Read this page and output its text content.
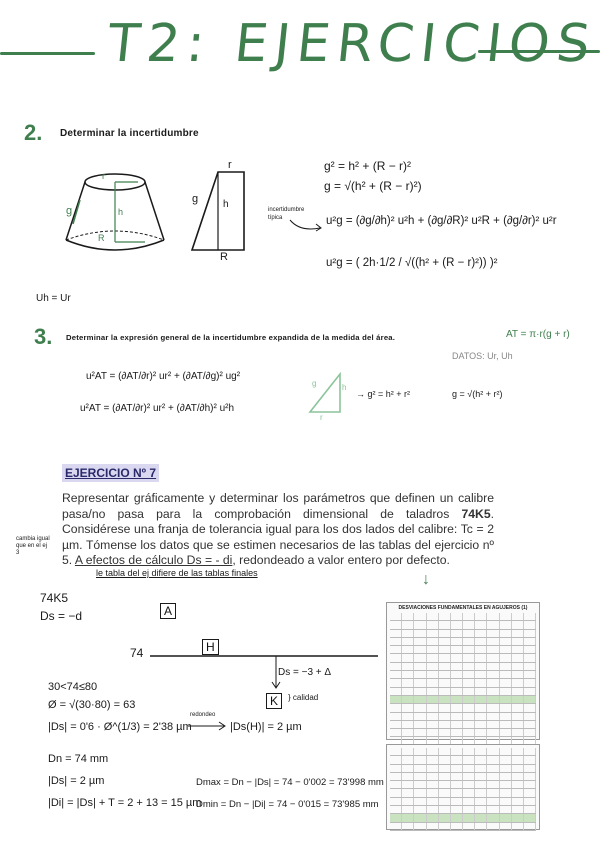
T2: EJERCICIOS
2. Determinar la incertidumbre
r
g	h
R
r
g h
R
g² = h² + (R − r)²
g = √(h² + (R − r)²)
incertidumbre típica	u²g = (∂g/∂h)² u²h + (∂g/∂R)² u²R + (∂g/∂r)² u²r
u²g = ( 2h·1/2 / √((h² + (R − r)²)) )²
Uh = Ur
3. Determinar la expresión general de la incertidumbre expandida de la medida del área.	AT = π·r(g + r)
DATOS: Ur, Uh
u²AT = (∂AT/∂r)² ur² + (∂AT/∂g)² ug²
u²AT = (∂AT/∂r)² ur² + (∂AT/∂h)² u²h
g	h
r
→ g² = h² + r²	g = √(h² + r²)
EJERCICIO Nº 7
Representar gráficamente y determinar los parámetros que definen un calibre pasa/no pasa para la comprobación dimensional de taladros 74K5. Considérese una franja de tolerancia igual para los dos lados del calibre: Tc = 2 µm. Tómense los datos que se estimen necesarios de las tablas del ejercicio nº 5. A efectos de cálculo Ds = - di, redondeado a valor entero por defecto.
cambia igual que en el ej 3
le tabla del ej difiere de las tablas finales	↓
74K5
Ds = −d	A
74	H
Ds = −3 + Δ
K	} calidad
30<74≤80
Ø = √(30·80) = 63
|Ds| = 0'6 · Ø^(1/3) = 2'38 µm
redondeo
|Ds(H)| = 2 µm
Dn = 74 mm
|Ds| = 2 µm
|Di| = |Ds| + T = 2 + 13 = 15 µm
Dmax = Dn − |Ds| = 74 − 0'002 = 73'998 mm
Dmin = Dn − |Di| = 74 − 0'015 = 73'985 mm
DESVIACIONES FUNDAMENTALES EN AGUJEROS (1)
